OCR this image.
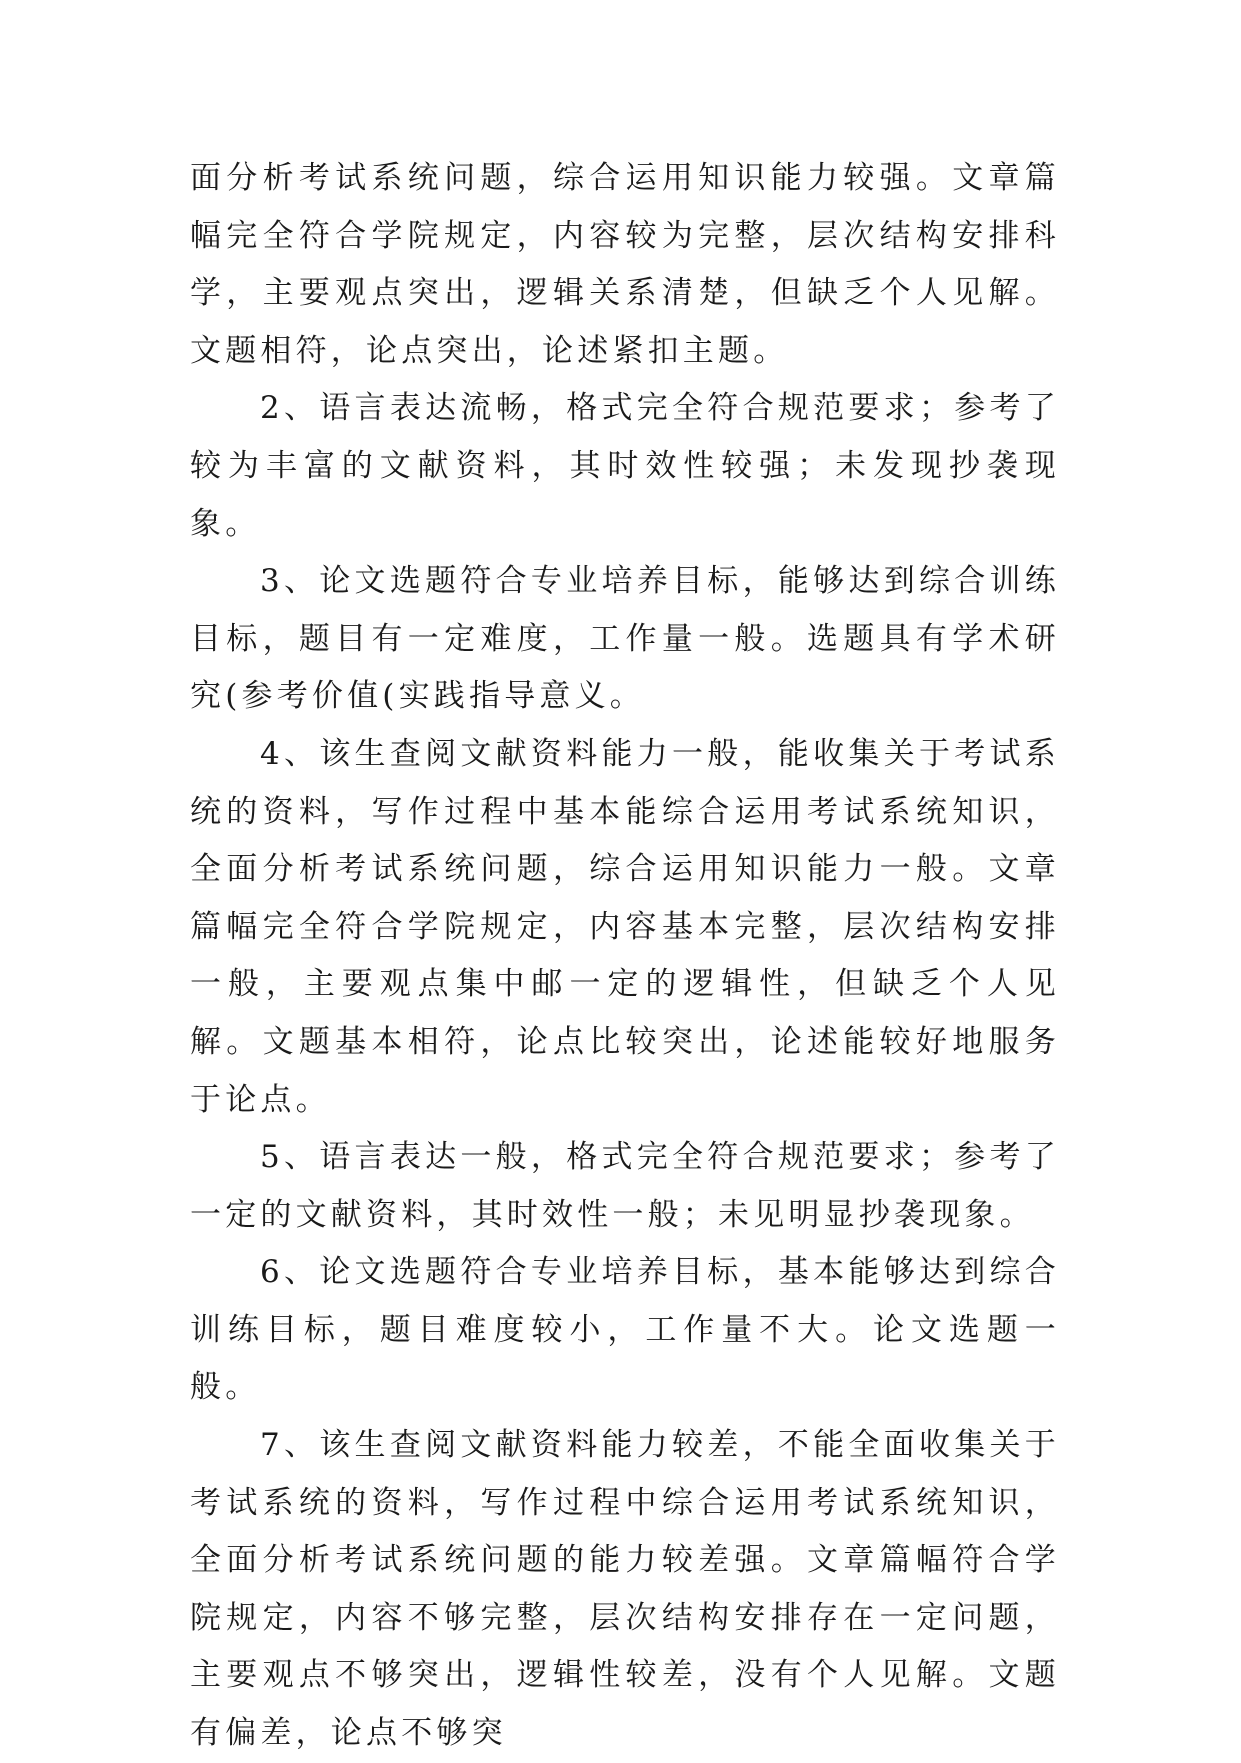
面分析考试系统问题，综合运用知识能力较强。文章篇幅完全符合学院规定，内容较为完整，层次结构安排科学，主要观点突出，逻辑关系清楚，但缺乏个人见解。文题相符，论点突出，论述紧扣主题。

2、语言表达流畅，格式完全符合规范要求；参考了较为丰富的文献资料，其时效性较强；未发现抄袭现象。

3、论文选题符合专业培养目标，能够达到综合训练目标，题目有一定难度，工作量一般。选题具有学术研究(参考价值(实践指导意义。

4、该生查阅文献资料能力一般，能收集关于考试系统的资料，写作过程中基本能综合运用考试系统知识，全面分析考试系统问题，综合运用知识能力一般。文章篇幅完全符合学院规定，内容基本完整，层次结构安排一般，主要观点集中邮一定的逻辑性，但缺乏个人见解。文题基本相符，论点比较突出，论述能较好地服务于论点。

5、语言表达一般，格式完全符合规范要求；参考了一定的文献资料，其时效性一般；未见明显抄袭现象。

6、论文选题符合专业培养目标，基本能够达到综合训练目标，题目难度较小，工作量不大。论文选题一般。

7、该生查阅文献资料能力较差，不能全面收集关于考试系统的资料，写作过程中综合运用考试系统知识，全面分析考试系统问题的能力较差强。文章篇幅符合学院规定，内容不够完整，层次结构安排存在一定问题，主要观点不够突出，逻辑性较差，没有个人见解。文题有偏差，论点不够突
